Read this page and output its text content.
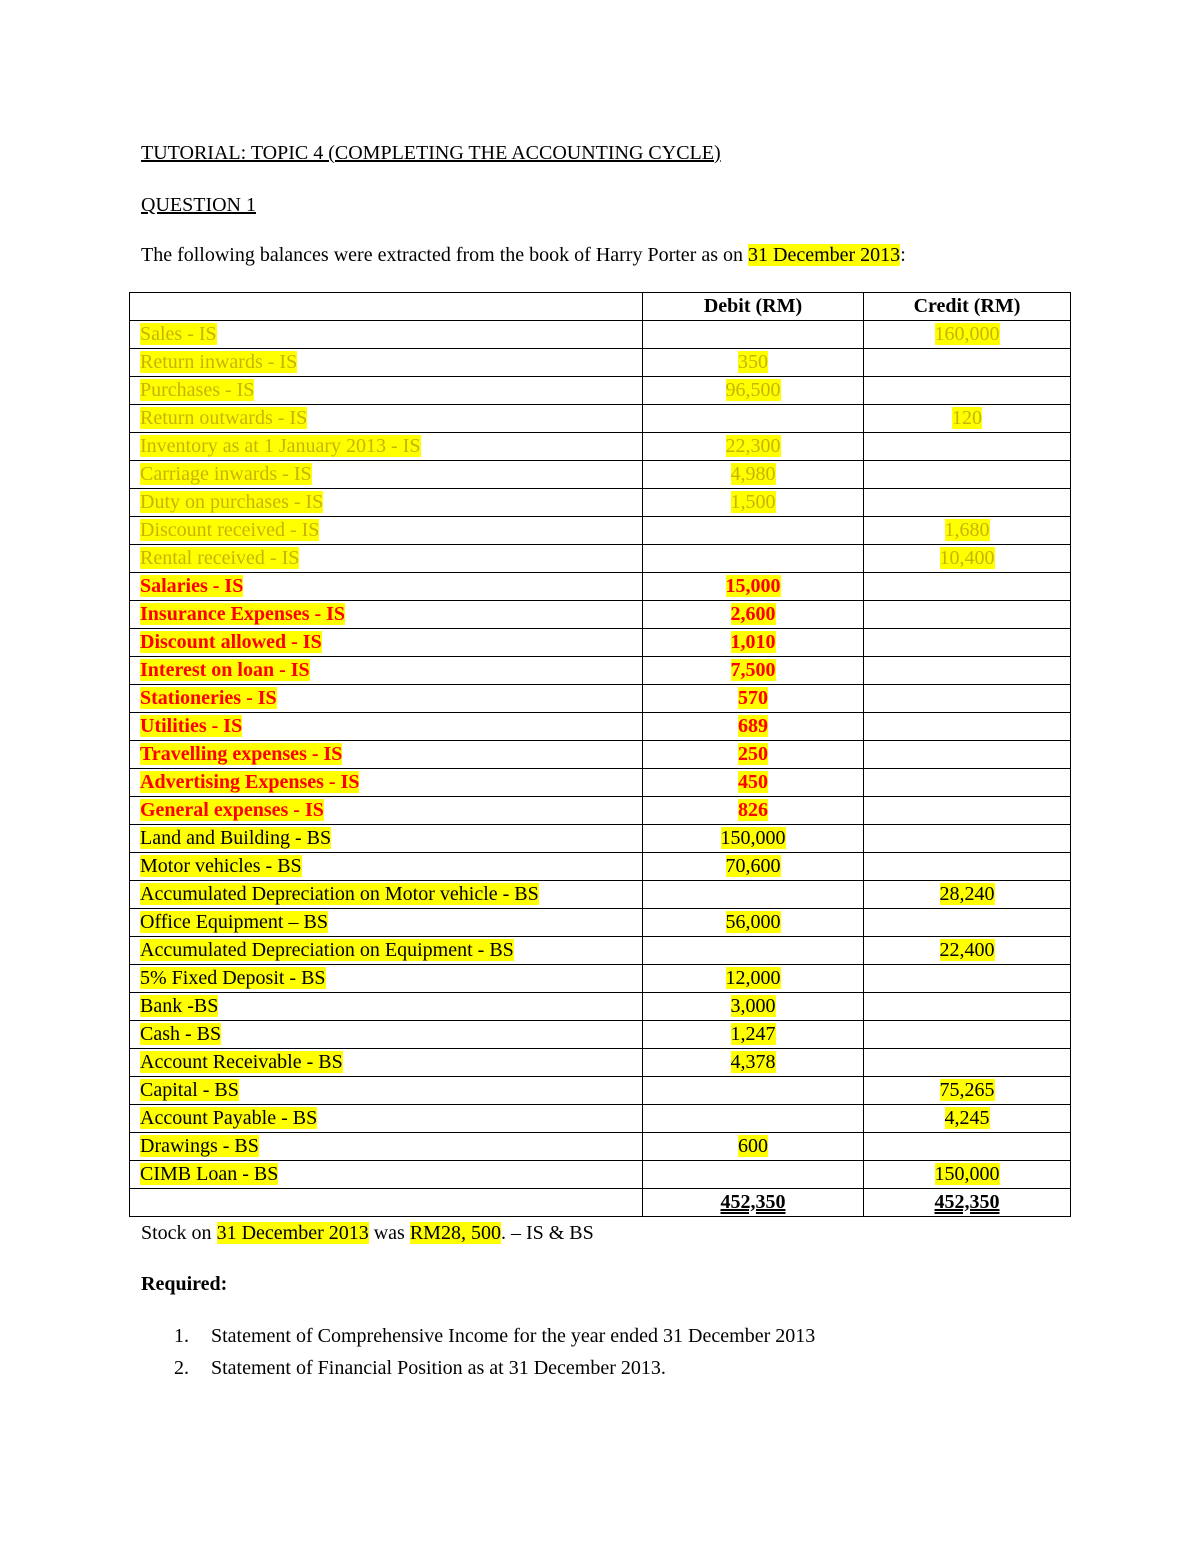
TUTORIAL: TOPIC 4 (COMPLETING THE ACCOUNTING CYCLE)
QUESTION 1
The following balances were extracted from the book of Harry Porter as on 31 December 2013:
	Debit (RM)	Credit (RM)
Sales - IS		160,000
Return inwards - IS	350	
Purchases - IS	96,500	
Return outwards - IS		120
Inventory as at 1 January 2013 - IS	22,300	
Carriage inwards - IS	4,980	
Duty on purchases - IS	1,500	
Discount received - IS		1,680
Rental received - IS		10,400
Salaries - IS	15,000	
Insurance Expenses - IS	2,600	
Discount allowed - IS	1,010	
Interest on loan - IS	7,500	
Stationeries - IS	570	
Utilities - IS	689	
Travelling expenses - IS	250	
Advertising Expenses - IS	450	
General expenses - IS	826	
Land and Building - BS	150,000	
Motor vehicles - BS	70,600	
Accumulated Depreciation on Motor vehicle - BS		28,240
Office Equipment – BS	56,000	
Accumulated Depreciation on Equipment - BS		22,400
5% Fixed Deposit - BS	12,000	
Bank -BS	3,000	
Cash - BS	1,247	
Account Receivable - BS	4,378	
Capital - BS		75,265
Account Payable - BS		4,245
Drawings - BS	600	
CIMB Loan - BS		150,000
	452,350	452,350
Stock on 31 December 2013 was RM28, 500. – IS & BS
Required:
1. Statement of Comprehensive Income for the year ended 31 December 2013
2. Statement of Financial Position as at 31 December 2013.
